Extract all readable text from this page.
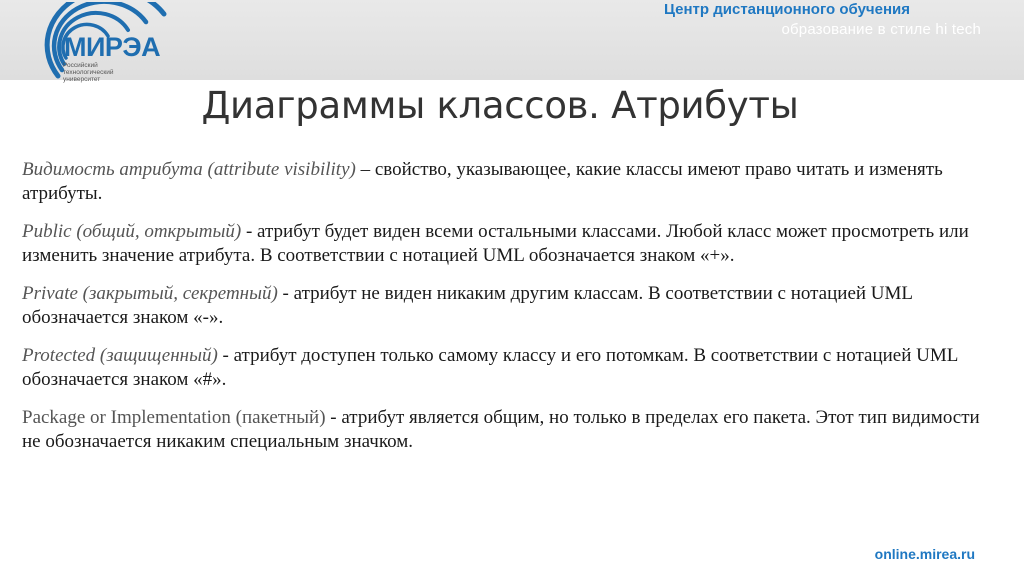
МИРЭА
Российский
технологический
университет
Центр дистанционного обучения
образование в стиле hi tech
Диаграммы классов. Атрибуты

Видимость атрибута (attribute visibility) – свойство, указывающее, какие классы имеют право читать и изменять атрибуты.

Public (общий, открытый) - атрибут будет виден всеми остальными классами. Любой класс может просмотреть или изменить значение атрибута. В соответствии с нотацией UML обозначается знаком «+».

Private (закрытый, секретный) - атрибут не виден никаким другим классам. В соответствии с нотацией UML обозначается знаком «-».

Protected (защищенный) - атрибут доступен только самому классу и его потомкам. В соответствии с нотацией UML обозначается знаком «#».

Package or Implementation (пакетный) - атрибут является общим, но только в пределах его пакета. Этот тип видимости не обозначается никаким специальным значком.

online.mirea.ru
